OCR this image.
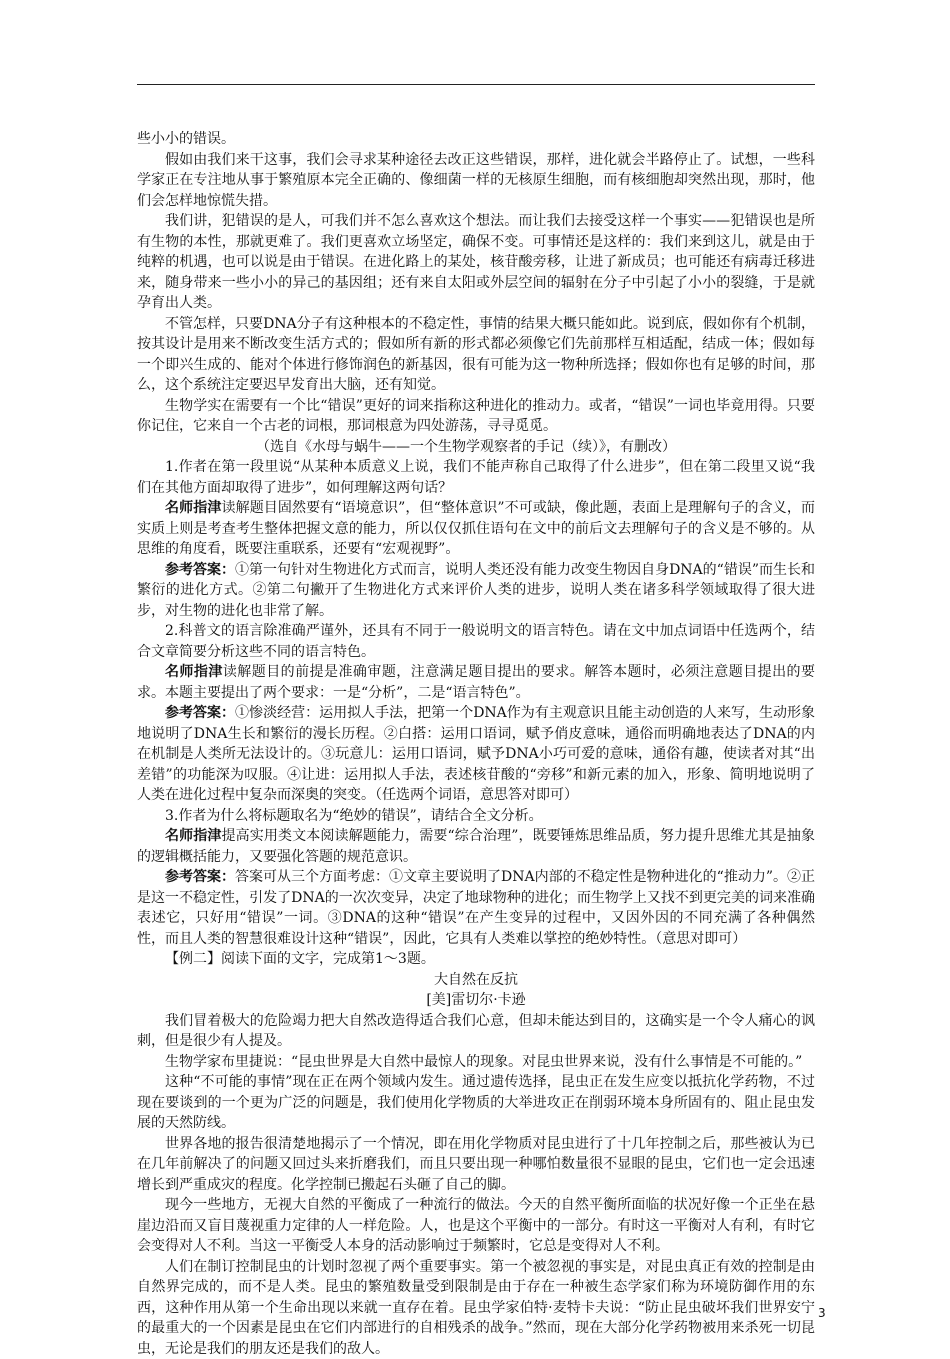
些小小的错误。

假如由我们来干这事，我们会寻求某种途径去改正这些错误，那样，进化就会半路停止了。试想，一些科学家正在专注地从事于繁殖原本完全正确的、像细菌一样的无核原生细胞，而有核细胞却突然出现，那时，他们会怎样地惊慌失措。

我们讲，犯错误的是人，可我们并不怎么喜欢这个想法。而让我们去接受这样一个事实——犯错误也是所有生物的本性，那就更难了。我们更喜欢立场坚定，确保不变。可事情还是这样的：我们来到这儿，就是由于纯粹的机遇，也可以说是由于错误。在进化路上的某处，核苷酸旁移，让进了新成员；也可能还有病毒迁移进来，随身带来一些小小的异己的基因组；还有来自太阳或外层空间的辐射在分子中引起了小小的裂缝，于是就孕育出人类。

不管怎样，只要DNA分子有这种根本的不稳定性，事情的结果大概只能如此。说到底，假如你有个机制，按其设计是用来不断改变生活方式的；假如所有新的形式都必须像它们先前那样互相适配，结成一体；假如每一个即兴生成的、能对个体进行修饰润色的新基因，很有可能为这一物种所选择；假如你也有足够的时间，那么，这个系统注定要迟早发育出大脑，还有知觉。

生物学实在需要有一个比“错误”更好的词来指称这种进化的推动力。或者，“错误”一词也毕竟用得。只要你记住，它来自一个古老的词根，那词根意为四处游荡，寻寻觅觅。

（选自《水母与蜗牛——一个生物学观察者的手记（续）》，有删改）

1.作者在第一段里说“从某种本质意义上说，我们不能声称自己取得了什么进步”，但在第二段里又说“我们在其他方面却取得了进步”，如何理解这两句话？

名师指津读解题目固然要有“语境意识”，但“整体意识”不可或缺，像此题，表面上是理解句子的含义，而实质上则是考查考生整体把握文意的能力，所以仅仅抓住语句在文中的前后文去理解句子的含义是不够的。从思维的角度看，既要注重联系，还要有“宏观视野”。

参考答案：①第一句针对生物进化方式而言，说明人类还没有能力改变生物因自身DNA的“错误”而生长和繁衍的进化方式。②第二句撇开了生物进化方式来评价人类的进步，说明人类在诸多科学领域取得了很大进步，对生物的进化也非常了解。

2.科普文的语言除准确严谨外，还具有不同于一般说明文的语言特色。请在文中加点词语中任选两个，结合文章简要分析这些不同的语言特色。

名师指津读解题目的前提是准确审题，注意满足题目提出的要求。解答本题时，必须注意题目提出的要求。本题主要提出了两个要求：一是“分析”，二是“语言特色”。

参考答案：①惨淡经营：运用拟人手法，把第一个DNA作为有主观意识且能主动创造的人来写，生动形象地说明了DNA生长和繁衍的漫长历程。②白搭：运用口语词，赋予俏皮意味，通俗而明确地表达了DNA的内在机制是人类所无法设计的。③玩意儿：运用口语词，赋予DNA小巧可爱的意味，通俗有趣，使读者对其“出差错”的功能深为叹服。④让进：运用拟人手法，表述核苷酸的“旁移”和新元素的加入，形象、简明地说明了人类在进化过程中复杂而深奥的突变。（任选两个词语，意思答对即可）

3.作者为什么将标题取名为“绝妙的错误”，请结合全文分析。

名师指津提高实用类文本阅读解题能力，需要“综合治理”，既要锤炼思维品质，努力提升思维尤其是抽象的逻辑概括能力，又要强化答题的规范意识。

参考答案：答案可从三个方面考虑：①文章主要说明了DNA内部的不稳定性是物种进化的“推动力”。②正是这一不稳定性，引发了DNA的一次次变异，决定了地球物种的进化；而生物学上又找不到更完美的词来准确表述它，只好用“错误”一词。③DNA的这种“错误”在产生变异的过程中，又因外因的不同充满了各种偶然性，而且人类的智慧很难设计这种“错误”，因此，它具有人类难以掌控的绝妙特性。（意思对即可）

【例二】阅读下面的文字，完成第1～3题。

大自然在反抗

[美]雷切尔·卡逊

我们冒着极大的危险竭力把大自然改造得适合我们心意，但却未能达到目的，这确实是一个令人痛心的讽刺，但是很少有人提及。

生物学家布里捷说：“昆虫世界是大自然中最惊人的现象。对昆虫世界来说，没有什么事情是不可能的。”

这种“不可能的事情”现在正在两个领域内发生。通过遗传选择，昆虫正在发生应变以抵抗化学药物，不过现在要谈到的一个更为广泛的问题是，我们使用化学物质的大举进攻正在削弱环境本身所固有的、阻止昆虫发展的天然防线。

世界各地的报告很清楚地揭示了一个情况，即在用化学物质对昆虫进行了十几年控制之后，那些被认为已在几年前解决了的问题又回过头来折磨我们，而且只要出现一种哪怕数量很不显眼的昆虫，它们也一定会迅速增长到严重成灾的程度。化学控制已搬起石头砸了自己的脚。

现今一些地方，无视大自然的平衡成了一种流行的做法。今天的自然平衡所面临的状况好像一个正坐在悬崖边沿而又盲目蔑视重力定律的人一样危险。人，也是这个平衡中的一部分。有时这一平衡对人有利，有时它会变得对人不利。当这一平衡受人本身的活动影响过于频繁时，它总是变得对人不利。

人们在制订控制昆虫的计划时忽视了两个重要事实。第一个被忽视的事实是，对昆虫真正有效的控制是由自然界完成的，而不是人类。昆虫的繁殖数量受到限制是由于存在一种被生态学家们称为环境防御作用的东西，这种作用从第一个生命出现以来就一直存在着。昆虫学家伯特·麦特卡夫说：“防止昆虫破坏我们世界安宁的最重大的一个因素是昆虫在它们内部进行的自相残杀的战争。”然而，现在大部分化学药物被用来杀死一切昆虫，无论是我们的朋友还是我们的敌人。

3
